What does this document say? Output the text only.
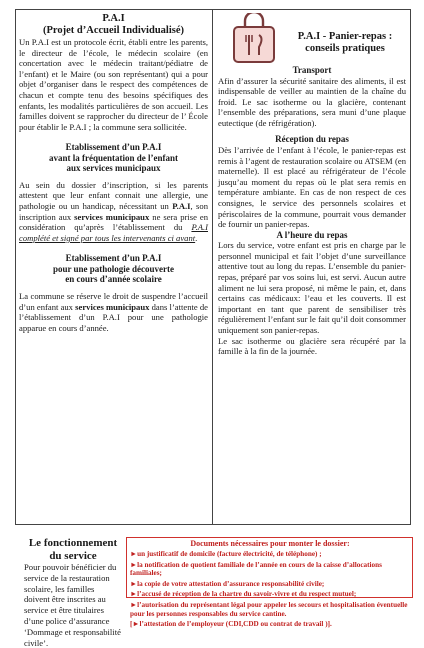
P.A.I
(Projet d’Accueil Individualisé)

Un P.A.I est un protocole écrit, établi entre les parents, le directeur de l’école, le médecin scolaire (en concertation avec le médecin traitant/pédiatre de l’enfant) et le Maire (ou son représentant) qui a pour objet d’organiser dans le respect des compétences de chacun et compte tenu des besoins spécifiques des enfants, les modalités particulières de son accueil. Les familles doivent se rapprocher du directeur de l’ École pour établir le P.A.I ; la commune sera sollicitée.

Etablissement d’un P.A.I
avant la fréquentation de l’enfant
aux services municipaux

Au sein du dossier d’inscription, si les parents attestent que leur enfant connait une allergie, une pathologie ou un handicap, nécessitant un P.A.I, son inscription aux services municipaux ne sera prise en considération qu’après l’établissement du P.A.I complété et signé par tous les intervenants ci avant.

Etablissement d’un P.A.I
pour une pathologie découverte
en cours d’année scolaire

La commune se réserve le droit de suspendre l’accueil d’un enfant aux services municipaux dans l’attente de l’établissement d’un P.A.I pour une pathologie apparue en cours d’année.

P.A.I - Panier-repas :
conseils pratiques
Transport

Afin d’assurer la sécurité sanitaire des aliments, il est indispensable de veiller au maintien de la chaîne du froid. Le sac isotherme ou la glacière, contenant l’ensemble des préparations, sera muni d’une plaque eutectique (de réfrigération).

Réception du repas

Dès l’arrivée de l’enfant à l’école, le panier-repas est remis à l’agent de restauration scolaire ou ATSEM (en maternelle). Il est placé au réfrigérateur de l’école jusqu’au moment du repas où le plat sera remis en température ambiante. En cas de non respect de ces consignes, le service des personnels scolaires et périscolaires de la commune, pourrait vous demander de fournir un panier-repas.

A l’heure du repas

Lors du service, votre enfant est pris en charge par le personnel municipal et fait l’objet d’une surveillance attentive tout au long du repas. L’ensemble du panier-repas, préparé par vos soins lui, est servi. Aucun autre aliment ne lui sera proposé, ni même le pain, et, dans certains cas médicaux: l’eau et les couverts. Il est important en tant que parent de sensibiliser très régulièrement l’enfant sur le fait qu’il doit consommer uniquement son panier-repas.

Le sac isotherme ou glacière sera récupéré par la famille à la fin de la journée.

Le fonctionnement
du service

Pour pouvoir bénéficier du service de la restauration scolaire, les familles doivent être inscrites au service et être titulaires d’une police d’assurance ‘Dommage et responsabilité civile’.

Documents nécessaires pour monter le dossier:
►un justificatif de domicile (facture électricité, de téléphone) ;
►la notification de quotient familiale de l’année en cours de la caisse d’allocations familiales;
►la copie de votre attestation d’assurance responsabilité civile;
►l’accusé de réception de la chartre du savoir-vivre et du respect mutuel;
►l’autorisation du représentant légal pour appeler les secours et hospitalisation éventuelle pour les personnes responsables du service cantine.
[►l’attestation de l’employeur (CDI,CDD ou contrat de travail )].
